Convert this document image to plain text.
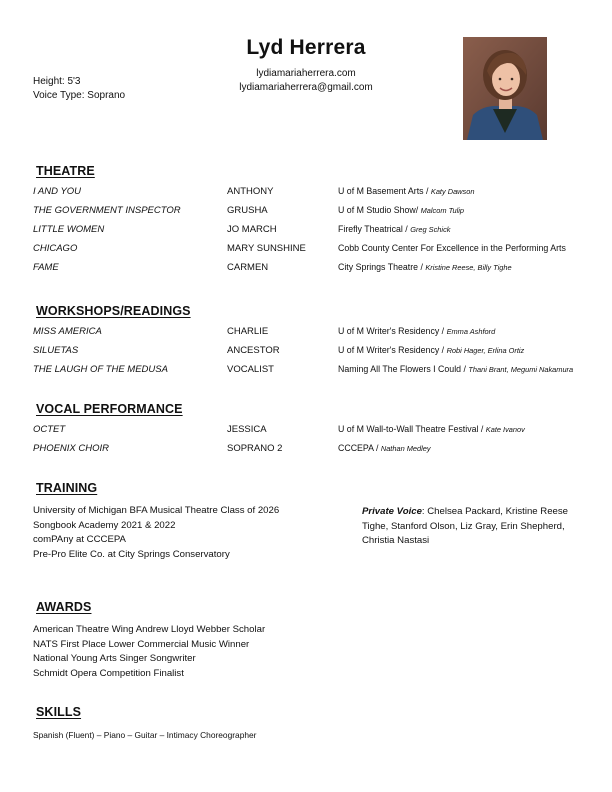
Lyd Herrera
lydiamariaherrera.com
lydiamariaherrera@gmail.com
Height: 5'3
Voice Type: Soprano
THEATRE
I AND YOU	ANTHONY	U of M Basement Arts / Katy Dawson
THE GOVERNMENT INSPECTOR	GRUSHA	U of M Studio Show/ Malcom Tulip
LITTLE WOMEN	JO MARCH	Firefly Theatrical / Greg Schick
CHICAGO	MARY SUNSHINE	Cobb County Center For Excellence in the Performing Arts
FAME	CARMEN	City Springs Theatre / Kristine Reese, Billy Tighe
WORKSHOPS/READINGS
MISS AMERICA	CHARLIE	U of M Writer's Residency / Emma Ashford
SILUETAS	ANCESTOR	U of M Writer's Residency / Robi Hager, Erlina Ortiz
THE LAUGH OF THE MEDUSA	VOCALIST	Naming All The Flowers I Could / Thani Brant, Megumi Nakamura
VOCAL PERFORMANCE
OCTET	JESSICA	U of M Wall-to-Wall Theatre Festival / Kate Ivanov
PHOENIX CHOIR	SOPRANO 2	CCCEPA / Nathan Medley
TRAINING
University of Michigan BFA Musical Theatre Class of 2026
Songbook Academy 2021 & 2022
comPAny at CCCEPA
Pre-Pro Elite Co. at City Springs Conservatory
Private Voice: Chelsea Packard, Kristine Reese Tighe, Stanford Olson, Liz Gray, Erin Shepherd, Christia Nastasi
AWARDS
American Theatre Wing Andrew Lloyd Webber Scholar
NATS First Place Lower Commercial Music Winner
National Young Arts Singer Songwriter
Schmidt Opera Competition Finalist
SKILLS
Spanish (Fluent) – Piano – Guitar – Intimacy Choreographer
